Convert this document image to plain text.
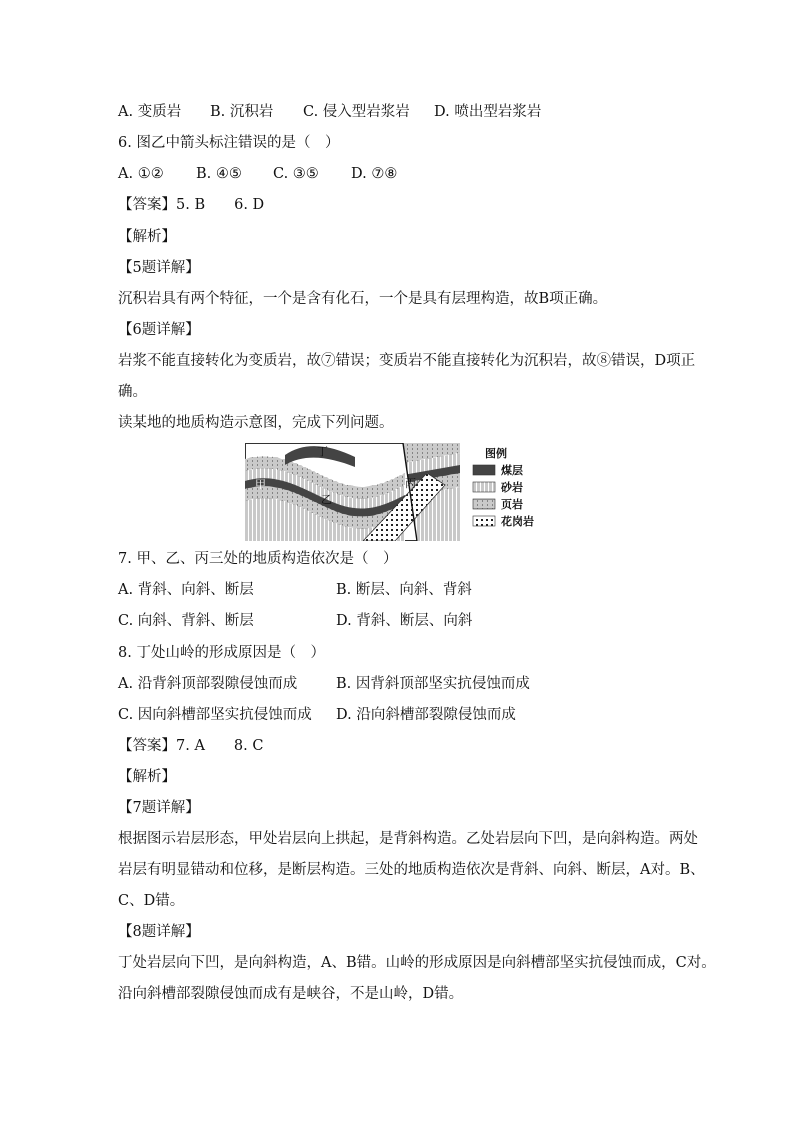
A. 变质岩 B. 沉积岩 C. 侵入型岩浆岩 D. 喷出型岩浆岩
6. 图乙中箭头标注错误的是（　）
A. ①② B. ④⑤ C. ③⑤ D. ⑦⑧
【答案】5. B　　6. D
【解析】
【5题详解】
沉积岩具有两个特征，一个是含有化石，一个是具有层理构造，故B项正确。
【6题详解】
岩浆不能直接转化为变质岩，故⑦错误；变质岩不能直接转化为沉积岩，故⑧错误，D项正
确。
读某地的地质构造示意图，完成下列问题。
丁
甲
乙
丙
图例
煤层
砂岩
页岩
花岗岩
7. 甲、乙、丙三处的地质构造依次是（　）
A. 背斜、向斜、断层	B. 断层、向斜、背斜
C. 向斜、背斜、断层	D. 背斜、断层、向斜
8. 丁处山岭的形成原因是（　）
A. 沿背斜顶部裂隙侵蚀而成	B. 因背斜顶部坚实抗侵蚀而成
C. 因向斜槽部坚实抗侵蚀而成 D. 沿向斜槽部裂隙侵蚀而成
【答案】7. A　　8. C
【解析】
【7题详解】
根据图示岩层形态，甲处岩层向上拱起，是背斜构造。乙处岩层向下凹，是向斜构造。两处
岩层有明显错动和位移，是断层构造。三处的地质构造依次是背斜、向斜、断层，A对。B、
C、D错。
【8题详解】
丁处岩层向下凹，是向斜构造，A、B错。山岭的形成原因是向斜槽部坚实抗侵蚀而成，C对。
沿向斜槽部裂隙侵蚀而成有是峡谷，不是山岭，D错。
